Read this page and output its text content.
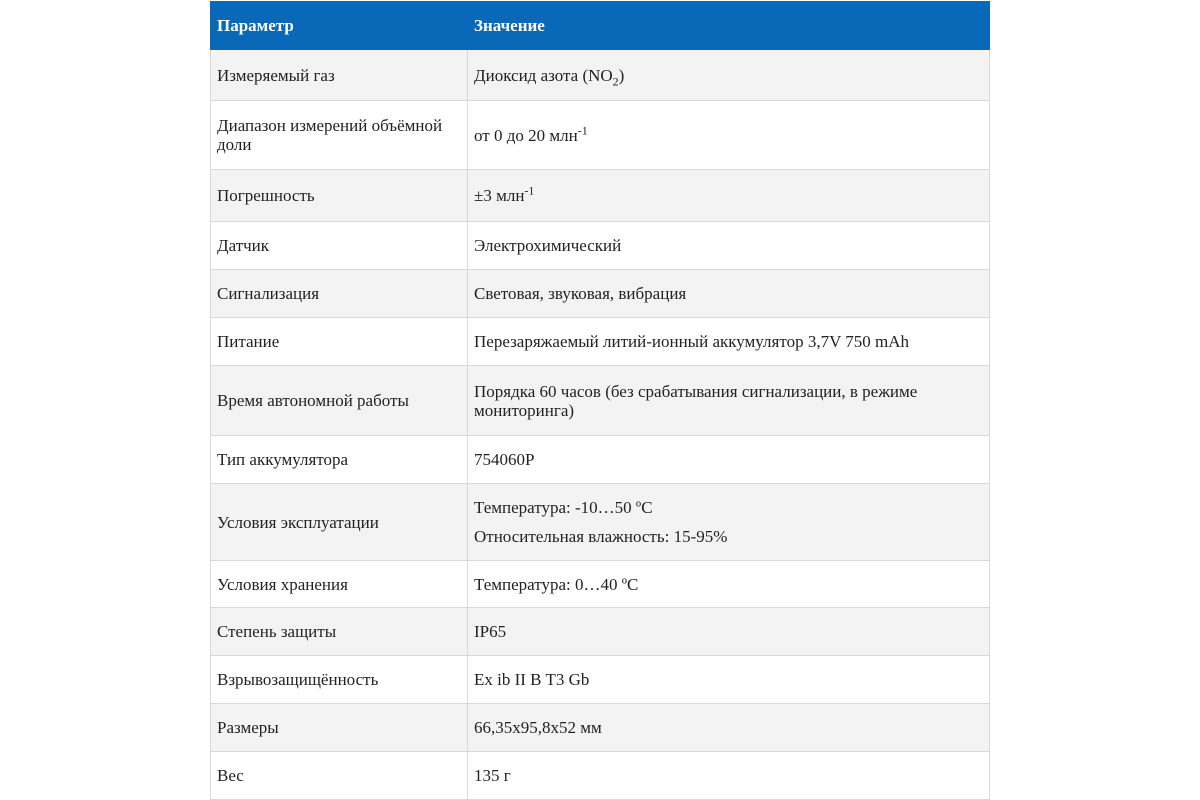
Параметр	Значение
Измеряемый газ	Диоксид азота $(NO_2)$
Диапазон измерений объёмной доли	от 0 до 20 млн$^{-1}$
Погрешность	±3 млн$^{-1}$
Датчик	Электрохимический
Сигнализация	Световая, звуковая, вибрация
Питание	Перезаряжаемый литий-ионный аккумулятор 3,7V 750 mAh
Время автономной работы	Порядка 60 часов (без срабатывания сигнализации, в режиме мониторинга)
Тип аккумулятора	754060P
Условия эксплуатации	Температура: -10…50 ºC
Относительная влажность: 15-95%

Условия хранения	Температура: 0…40 ºC
Степень защиты	IP65
Взрывозащищённость	Ex ib II B T3 Gb
Размеры	66,35х95,8х52 мм
Вес	135 г
